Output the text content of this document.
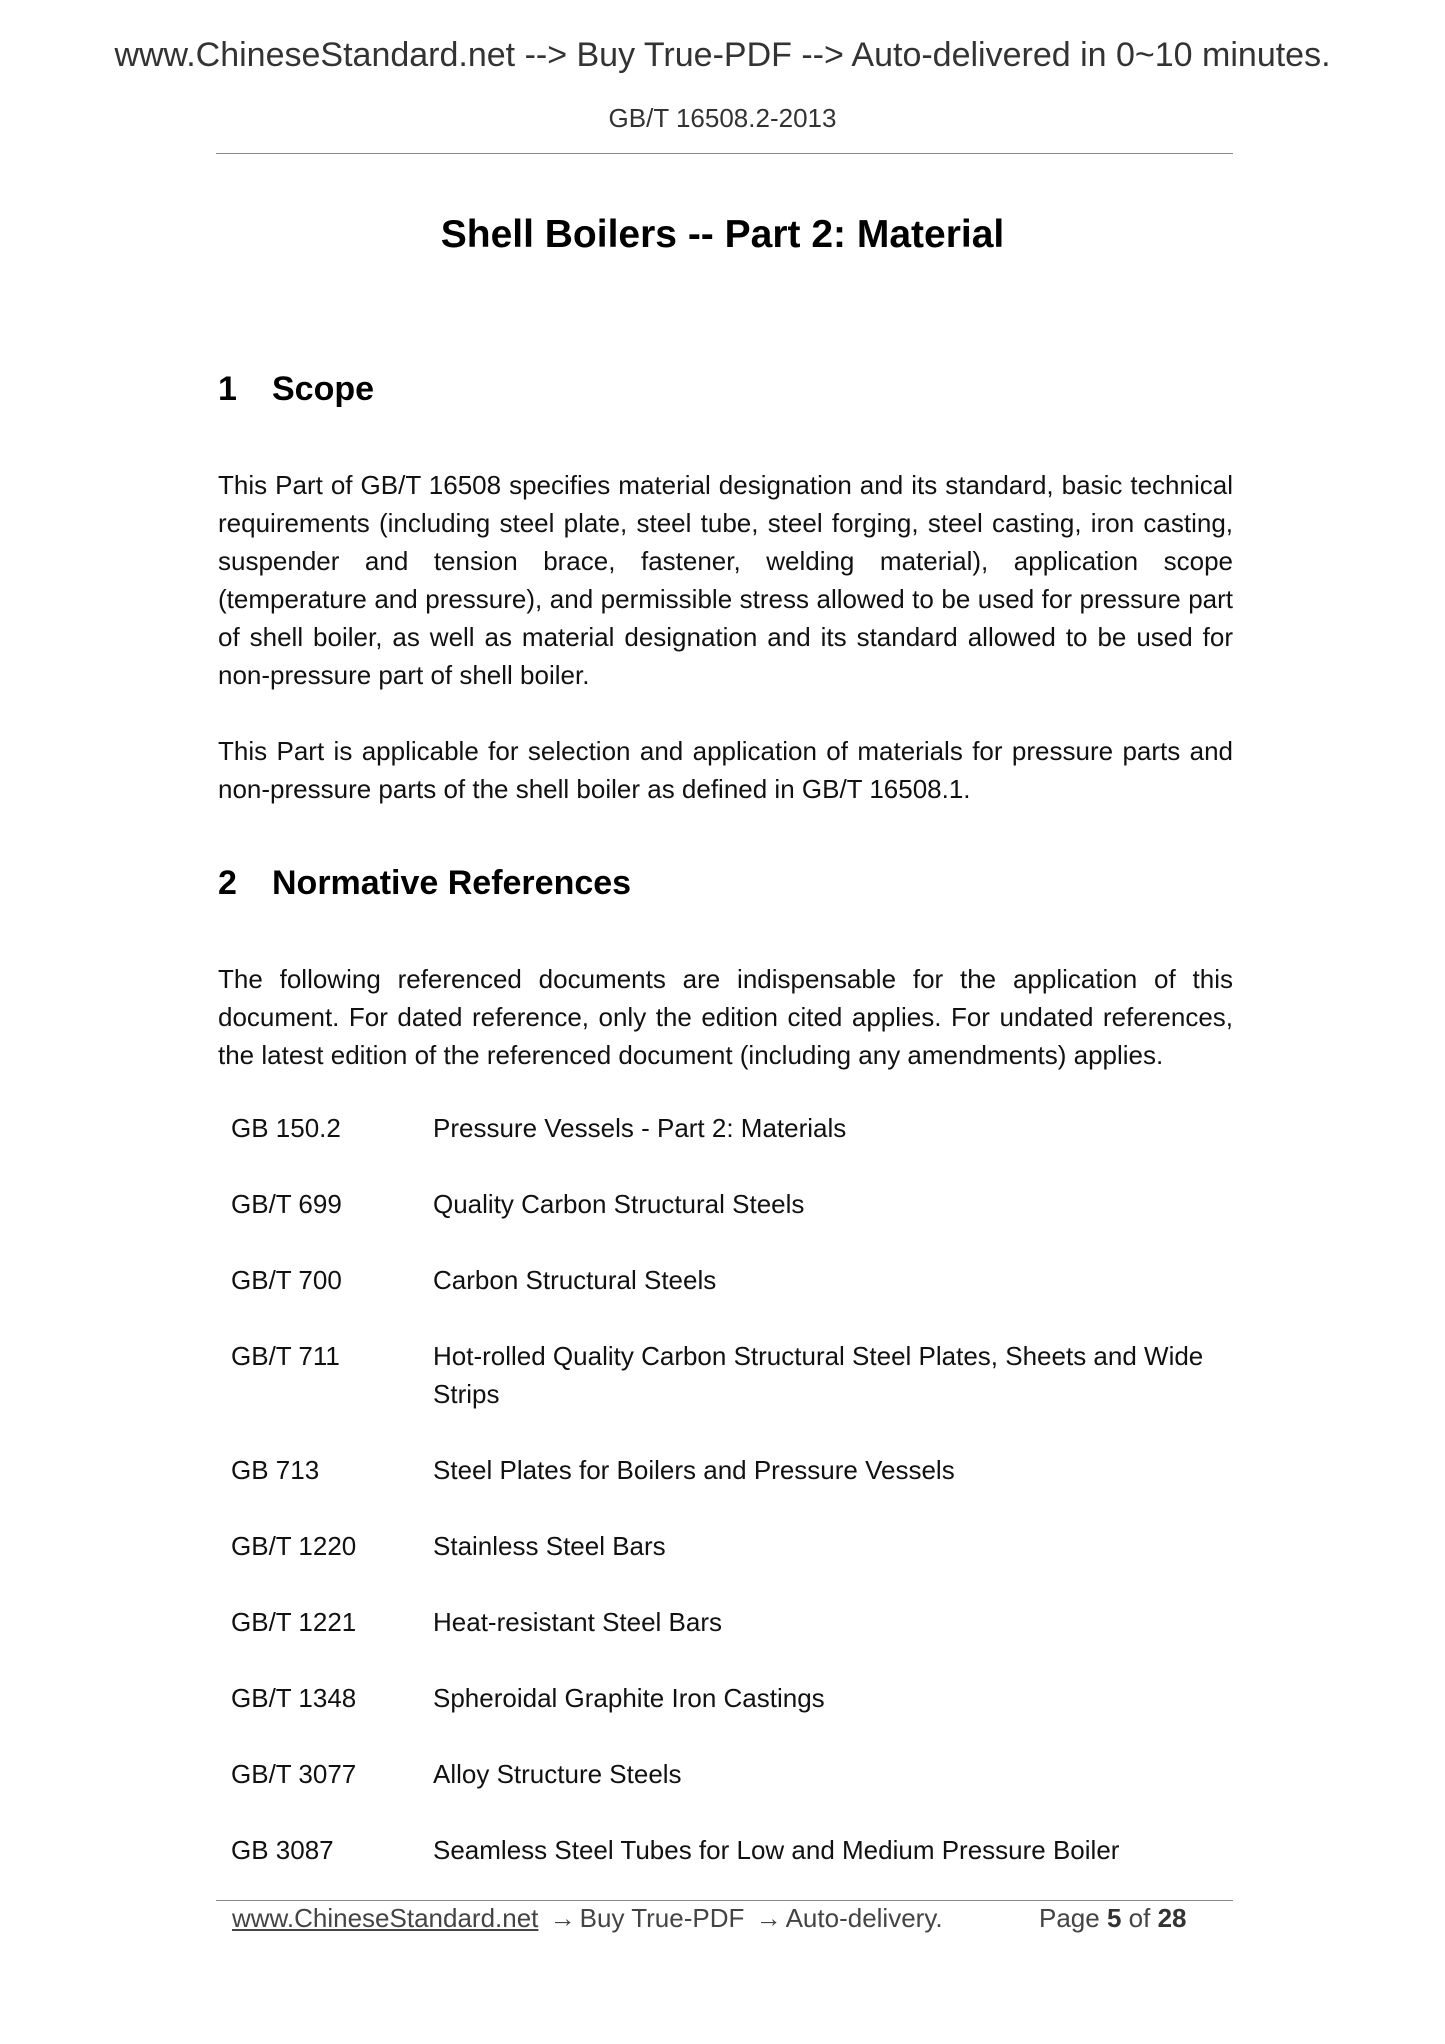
www.ChineseStandard.net --> Buy True-PDF --> Auto-delivered in 0~10 minutes.
GB/T 16508.2-2013
Shell Boilers -- Part 2: Material
1 Scope
This Part of GB/T 16508 specifies material designation and its standard, basic technical requirements (including steel plate, steel tube, steel forging, steel casting, iron casting, suspender and tension brace, fastener, welding material), application scope (temperature and pressure), and permissible stress allowed to be used for pressure part of shell boiler, as well as material designation and its standard allowed to be used for non-pressure part of shell boiler.
This Part is applicable for selection and application of materials for pressure parts and non-pressure parts of the shell boiler as defined in GB/T 16508.1.
2 Normative References
The following referenced documents are indispensable for the application of this document. For dated reference, only the edition cited applies. For undated references, the latest edition of the referenced document (including any amendments) applies.
GB 150.2	Pressure Vessels - Part 2: Materials
GB/T 699	Quality Carbon Structural Steels
GB/T 700	Carbon Structural Steels
GB/T 711	Hot-rolled Quality Carbon Structural Steel Plates, Sheets and Wide Strips
GB 713	Steel Plates for Boilers and Pressure Vessels
GB/T 1220	Stainless Steel Bars
GB/T 1221	Heat-resistant Steel Bars
GB/T 1348	Spheroidal Graphite Iron Castings
GB/T 3077	Alloy Structure Steels
GB 3087	Seamless Steel Tubes for Low and Medium Pressure Boiler
www.ChineseStandard.net → Buy True-PDF → Auto-delivery.	Page 5 of 28
